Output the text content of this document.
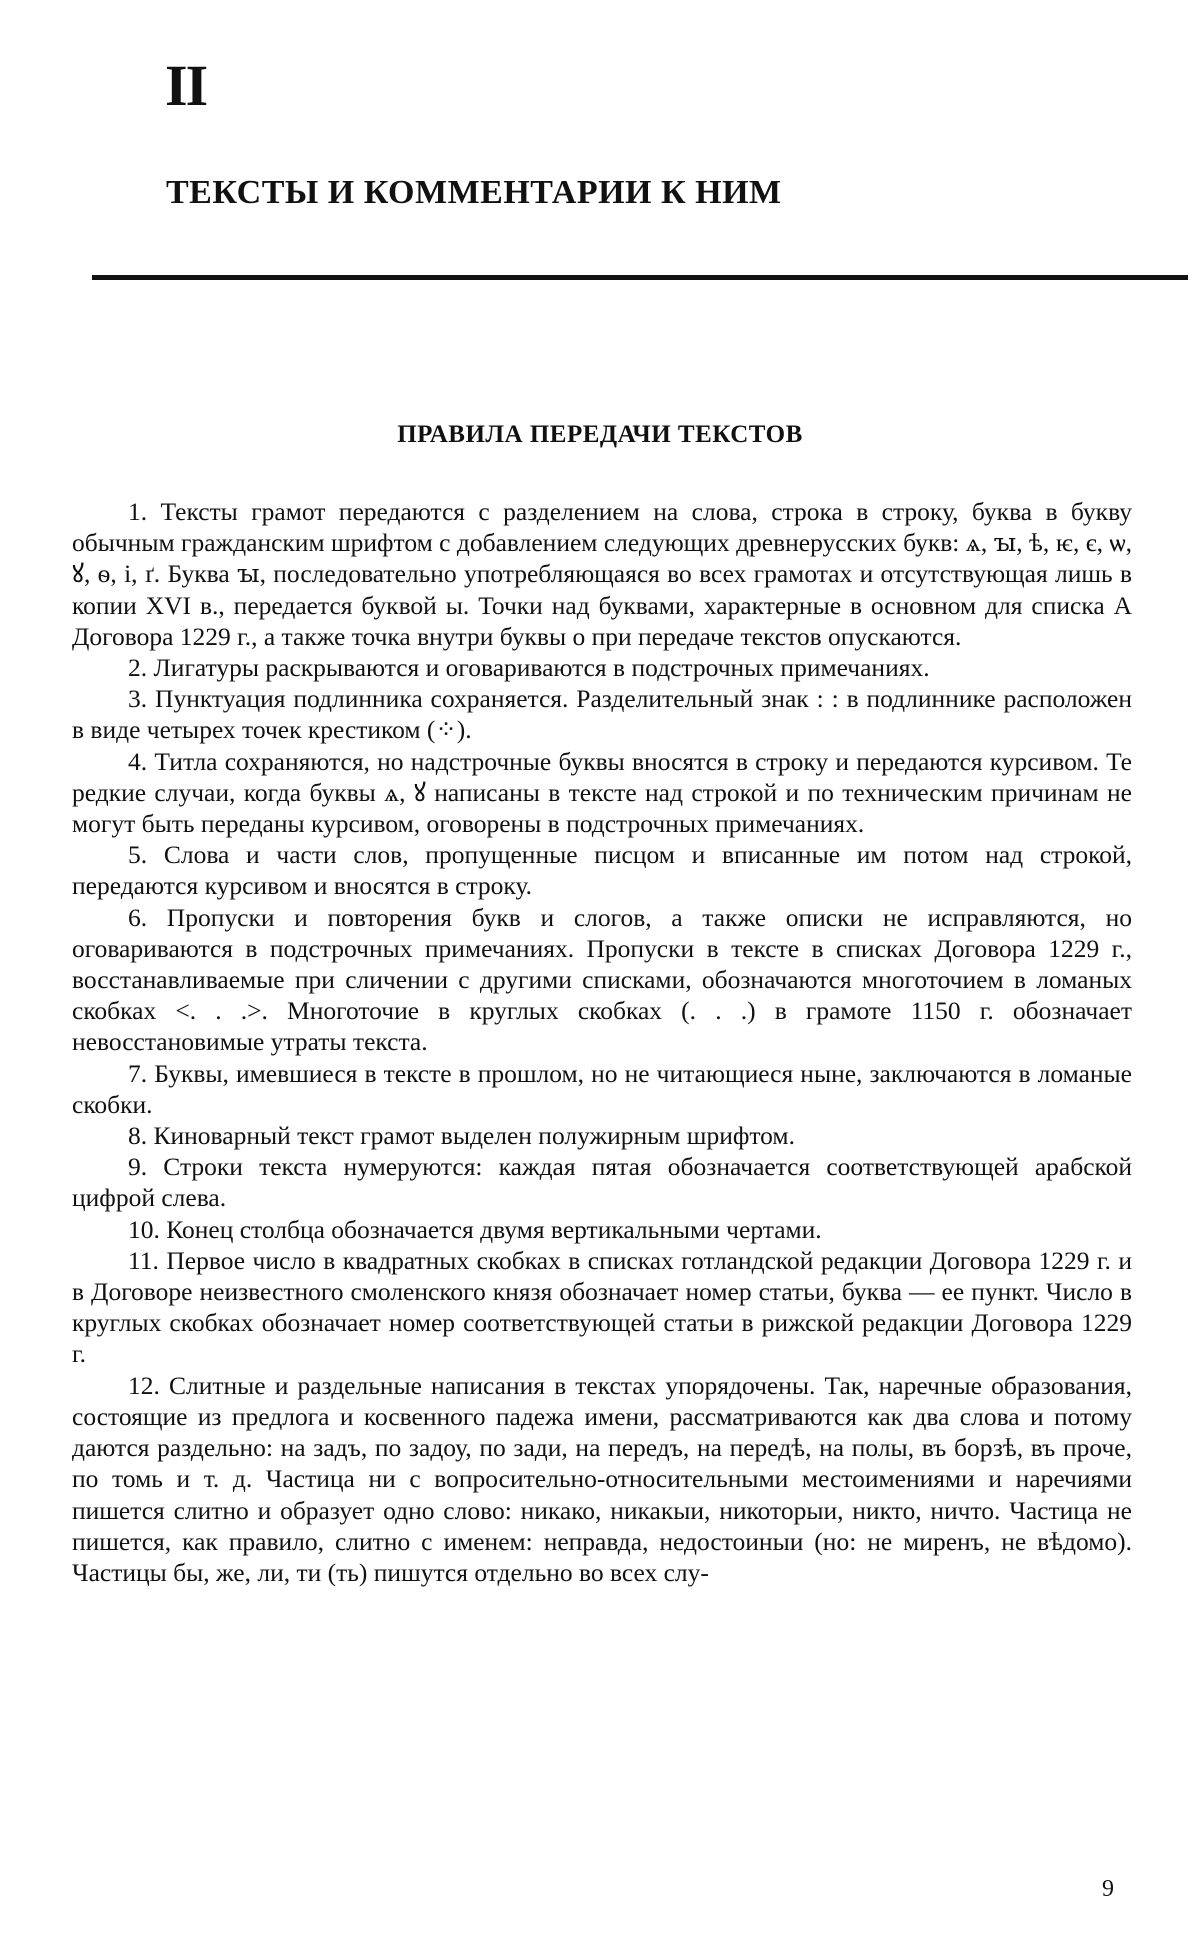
II
ТЕКСТЫ И КОММЕНТАРИИ К НИМ
ПРАВИЛА ПЕРЕДАЧИ ТЕКСТОВ

1. Тексты грамот передаются с разделением на слова, строка в строку, буква в букву обычным гражданским шрифтом с добавлением следующих древнерусских букв: ѧ, ꙑ, ѣ, ѥ, є, ѡ, ꙋ, ѳ, і, ґ. Буква ꙑ, последовательно употребляющаяся во всех грамотах и отсутствующая лишь в копии XVI в., передается буквой ы. Точки над буквами, характерные в основном для списка А Договора 1229 г., а также точка внутри буквы о при передаче текстов опускаются.

2. Лигатуры раскрываются и оговариваются в подстрочных примечаниях.

3. Пунктуация подлинника сохраняется. Разделительный знак : : в подлиннике расположен в виде четырех точек крестиком (⁘).

4. Титла сохраняются, но надстрочные буквы вносятся в строку и передаются курсивом. Те редкие случаи, когда буквы ѧ, ꙋ написаны в тексте над строкой и по техническим причинам не могут быть переданы курсивом, оговорены в подстрочных примечаниях.

5. Слова и части слов, пропущенные писцом и вписанные им потом над строкой, передаются курсивом и вносятся в строку.

6. Пропуски и повторения букв и слогов, а также описки не исправляются, но оговариваются в подстрочных примечаниях. Пропуски в тексте в списках Договора 1229 г., восстанавливаемые при сличении с другими списками, обозначаются многоточием в ломаных скобках <. . .>. Многоточие в круглых скобках (. . .) в грамоте 1150 г. обозначает невосстановимые утраты текста.

7. Буквы, имевшиеся в тексте в прошлом, но не читающиеся ныне, заключаются в ломаные скобки.

8. Киноварный текст грамот выделен полужирным шрифтом.

9. Строки текста нумеруются: каждая пятая обозначается соответствующей арабской цифрой слева.

10. Конец столбца обозначается двумя вертикальными чертами.

11. Первое число в квадратных скобках в списках готландской редакции Договора 1229 г. и в Договоре неизвестного смоленского князя обозначает номер статьи, буква — ее пункт. Число в круглых скобках обозначает номер соответствующей статьи в рижской редакции Договора 1229 г.

12. Слитные и раздельные написания в текстах упорядочены. Так, наречные образования, состоящие из предлога и косвенного падежа имени, рассматриваются как два слова и потому даются раздельно: на задъ, по задоу, по зади, на передъ, на передѣ, на полы, въ борзѣ, въ проче, по томь и т. д. Частица ни с вопросительно-относительными местоимениями и наречиями пишется слитно и образует одно слово: никако, никакыи, никоторыи, никто, ничто. Частица не пишется, как правило, слитно с именем: неправда, недостоиныи (но: не миренъ, не вѣдомо). Частицы бы, же, ли, ти (ть) пишутся отдельно во всех слу-

9
